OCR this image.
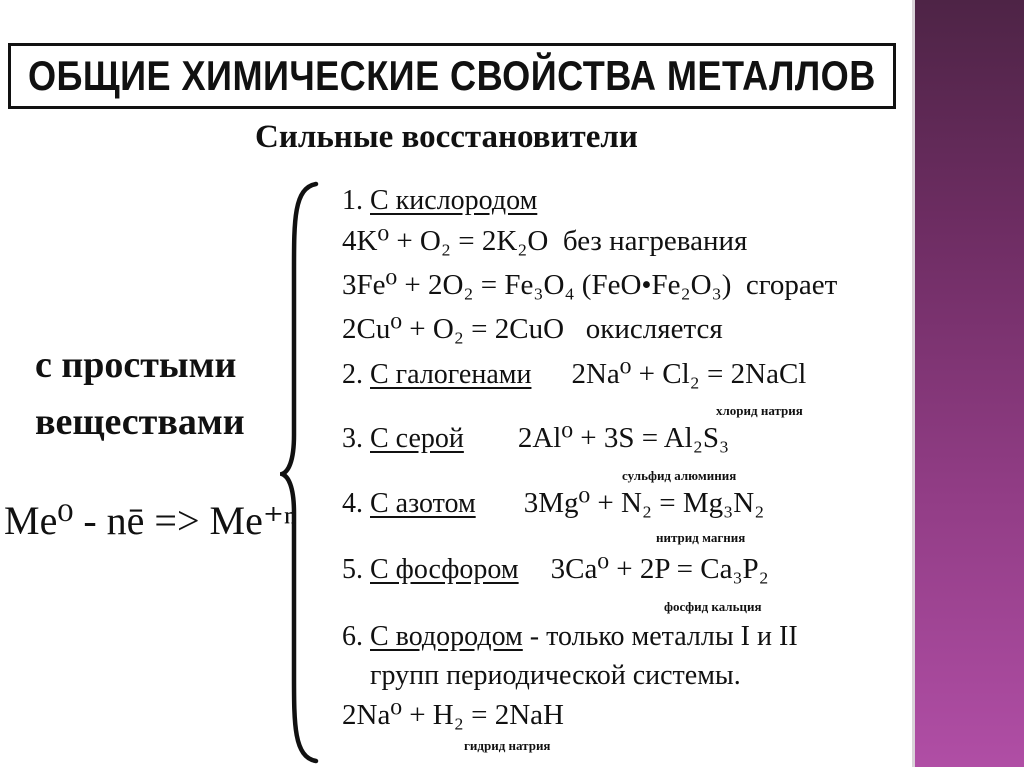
ОБЩИЕ ХИМИЧЕСКИЕ СВОЙСТВА МЕТАЛЛОВ
Сильные восстановители
с простыми
веществами
Me⁰ - nē => Me⁺ⁿ
1. С кислородом
4K⁰ + O₂ = 2K₂O без нагревания
3Fe⁰ + 2O₂ = Fe₃O₄ (FeO•Fe₂O₃) сгорает
2Cu⁰ + O₂ = 2CuO окисляется
2. С галогенами 2Na⁰ + Cl₂ = 2NaCl
хлорид натрия
3. С серой 2Al⁰ + 3S = Al₂S₃
сульфид алюминия
4. С азотом 3Mg⁰ + N₂ = Mg₃N₂
нитрид магния
5. С фосфором 3Ca⁰ + 2P = Ca₃P₂
фосфид кальция
6. С водородом - только металлы I и II
групп периодической системы.
2Na⁰ + H₂ = 2NaH
гидрид натрия
